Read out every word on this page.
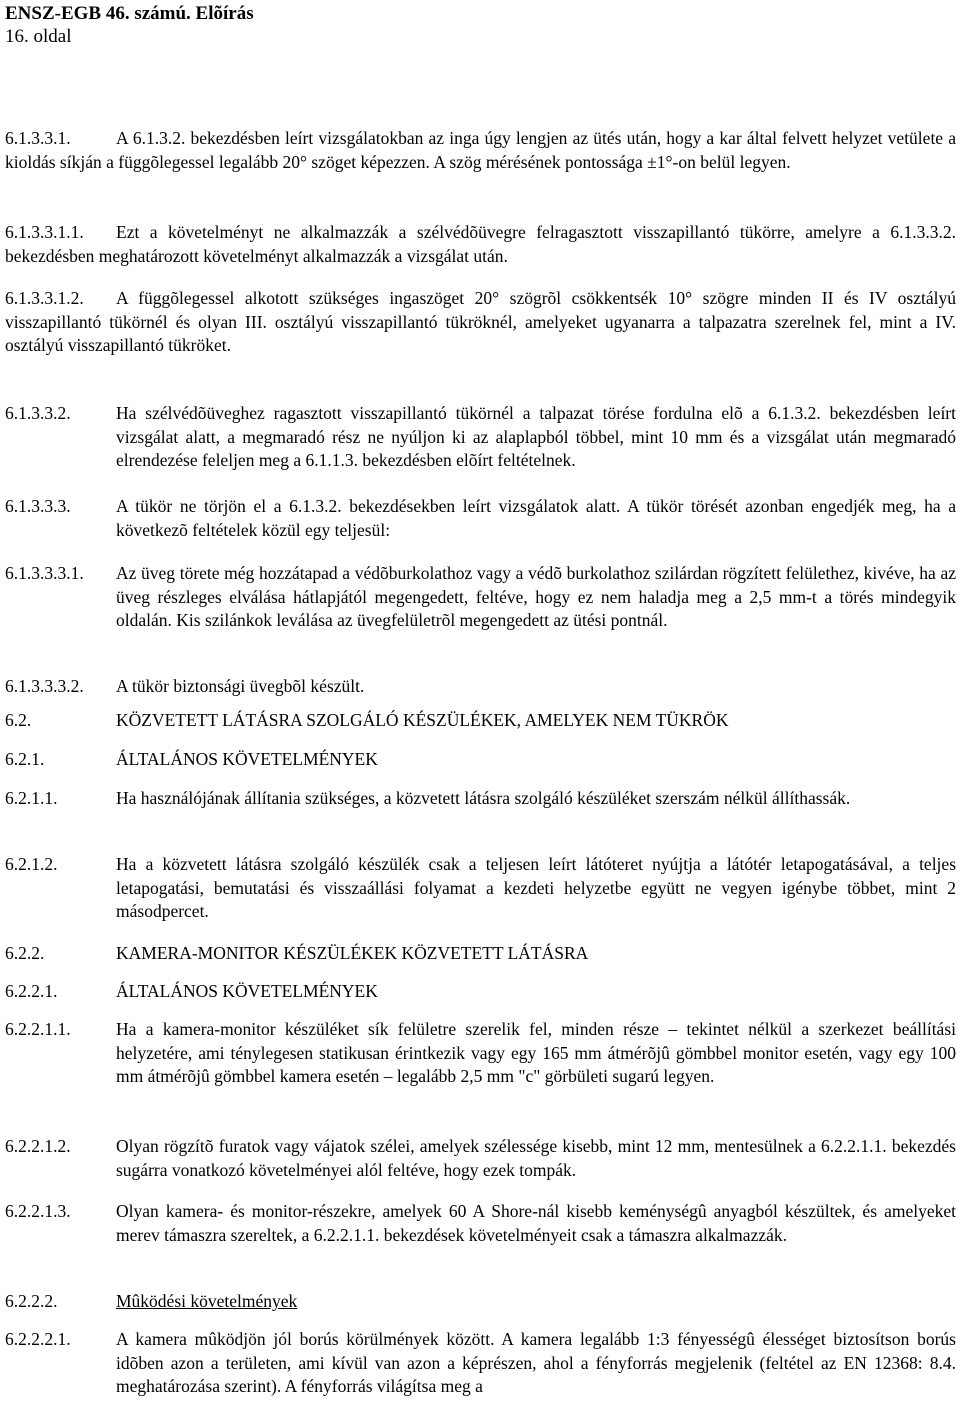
ENSZ-EGB 46. számú. Elõírás
16. oldal
6.1.3.3.1.	A 6.1.3.2. bekezdésben leírt vizsgálatokban az inga úgy lengjen az ütés után, hogy a kar által felvett helyzet vetülete a kioldás síkján a függõlegessel legalább 20° szöget képezzen. A szög mérésének pontossága ±1°-on belül legyen.
6.1.3.3.1.1. Ezt a követelményt ne alkalmazzák a szélvédõüvegre felragasztott visszapillantó tükörre, amelyre a 6.1.3.3.2. bekezdésben meghatározott követelményt alkalmazzák a vizsgálat után.
6.1.3.3.1.2. A függõlegessel alkotott szükséges ingaszöget 20° szögrõl csökkentsék 10° szögre minden II és IV osztályú visszapillantó tükörnél és olyan III. osztályú visszapillantó tükröknél, amelyeket ugyanarra a talpazatra szerelnek fel, mint a IV. osztályú visszapillantó tükröket.
6.1.3.3.2.	Ha szélvédõüveghez ragasztott visszapillantó tükörnél a talpazat törése fordulna elõ a 6.1.3.2. bekezdésben leírt vizsgálat alatt, a megmaradó rész ne nyúljon ki az alaplapból többel, mint 10 mm és a vizsgálat után megmaradó elrendezése feleljen meg a 6.1.1.3. bekezdésben elõírt feltételnek.
6.1.3.3.3.	A tükör ne törjön el a 6.1.3.2. bekezdésekben leírt vizsgálatok alatt. A tükör törését azonban engedjék meg, ha a következõ feltételek közül egy teljesül:
6.1.3.3.3.1.	Az üveg törete még hozzátapad a védõburkolathoz vagy a védõ burkolathoz szilárdan rögzített felülethez, kivéve, ha az üveg részleges elválása hátlapjától megengedett, feltéve, hogy ez nem haladja meg a 2,5 mm-t a törés mindegyik oldalán. Kis szilánkok leválása az üvegfelületrõl megengedett az ütési pontnál.
6.1.3.3.3.2.	A tükör biztonsági üvegbõl készült.
6.2.	KÖZVETETT LÁTÁSRA SZOLGÁLÓ KÉSZÜLÉKEK, AMELYEK NEM TÜKRÖK
6.2.1.	ÁLTALÁNOS KÖVETELMÉNYEK
6.2.1.1.	Ha használójának állítania szükséges, a közvetett látásra szolgáló készüléket szerszám nélkül állíthassák.
6.2.1.2.	Ha a közvetett látásra szolgáló készülék csak a teljesen leírt látóteret nyújtja a látótér letapogatásával, a teljes letapogatási, bemutatási és visszaállási folyamat a kezdeti helyzetbe együtt ne vegyen igénybe többet, mint 2 másodpercet.
6.2.2.	KAMERA-MONITOR KÉSZÜLÉKEK KÖZVETETT LÁTÁSRA
6.2.2.1.	ÁLTALÁNOS KÖVETELMÉNYEK
6.2.2.1.1.	Ha a kamera-monitor készüléket sík felületre szerelik fel, minden része – tekintet nélkül a szerkezet beállítási helyzetére, ami ténylegesen statikusan érintkezik vagy egy 165 mm átmérõjû gömbbel monitor esetén, vagy egy 100 mm átmérõjû gömbbel kamera esetén – legalább 2,5 mm "c" görbületi sugarú legyen.
6.2.2.1.2.	Olyan rögzítõ furatok vagy vájatok szélei, amelyek szélessége kisebb, mint 12 mm, mentesülnek a 6.2.2.1.1. bekezdés sugárra vonatkozó követelményei alól feltéve, hogy ezek tompák.
6.2.2.1.3.	Olyan kamera- és monitor-részekre, amelyek 60 A Shore-nál kisebb keménységû anyagból készültek, és amelyeket merev támaszra szereltek, a 6.2.2.1.1. bekezdések követelményeit csak a támaszra alkalmazzák.
6.2.2.2.	Mûködési követelmények
6.2.2.2.1.	A kamera mûködjön jól borús körülmények között. A kamera legalább 1:3 fényességû élességet biztosítson borús idõben azon a területen, ami kívül van azon a képrészen, ahol a fényforrás megjelenik (feltétel az EN 12368: 8.4. meghatározása szerint). A fényforrás világítsa meg a
